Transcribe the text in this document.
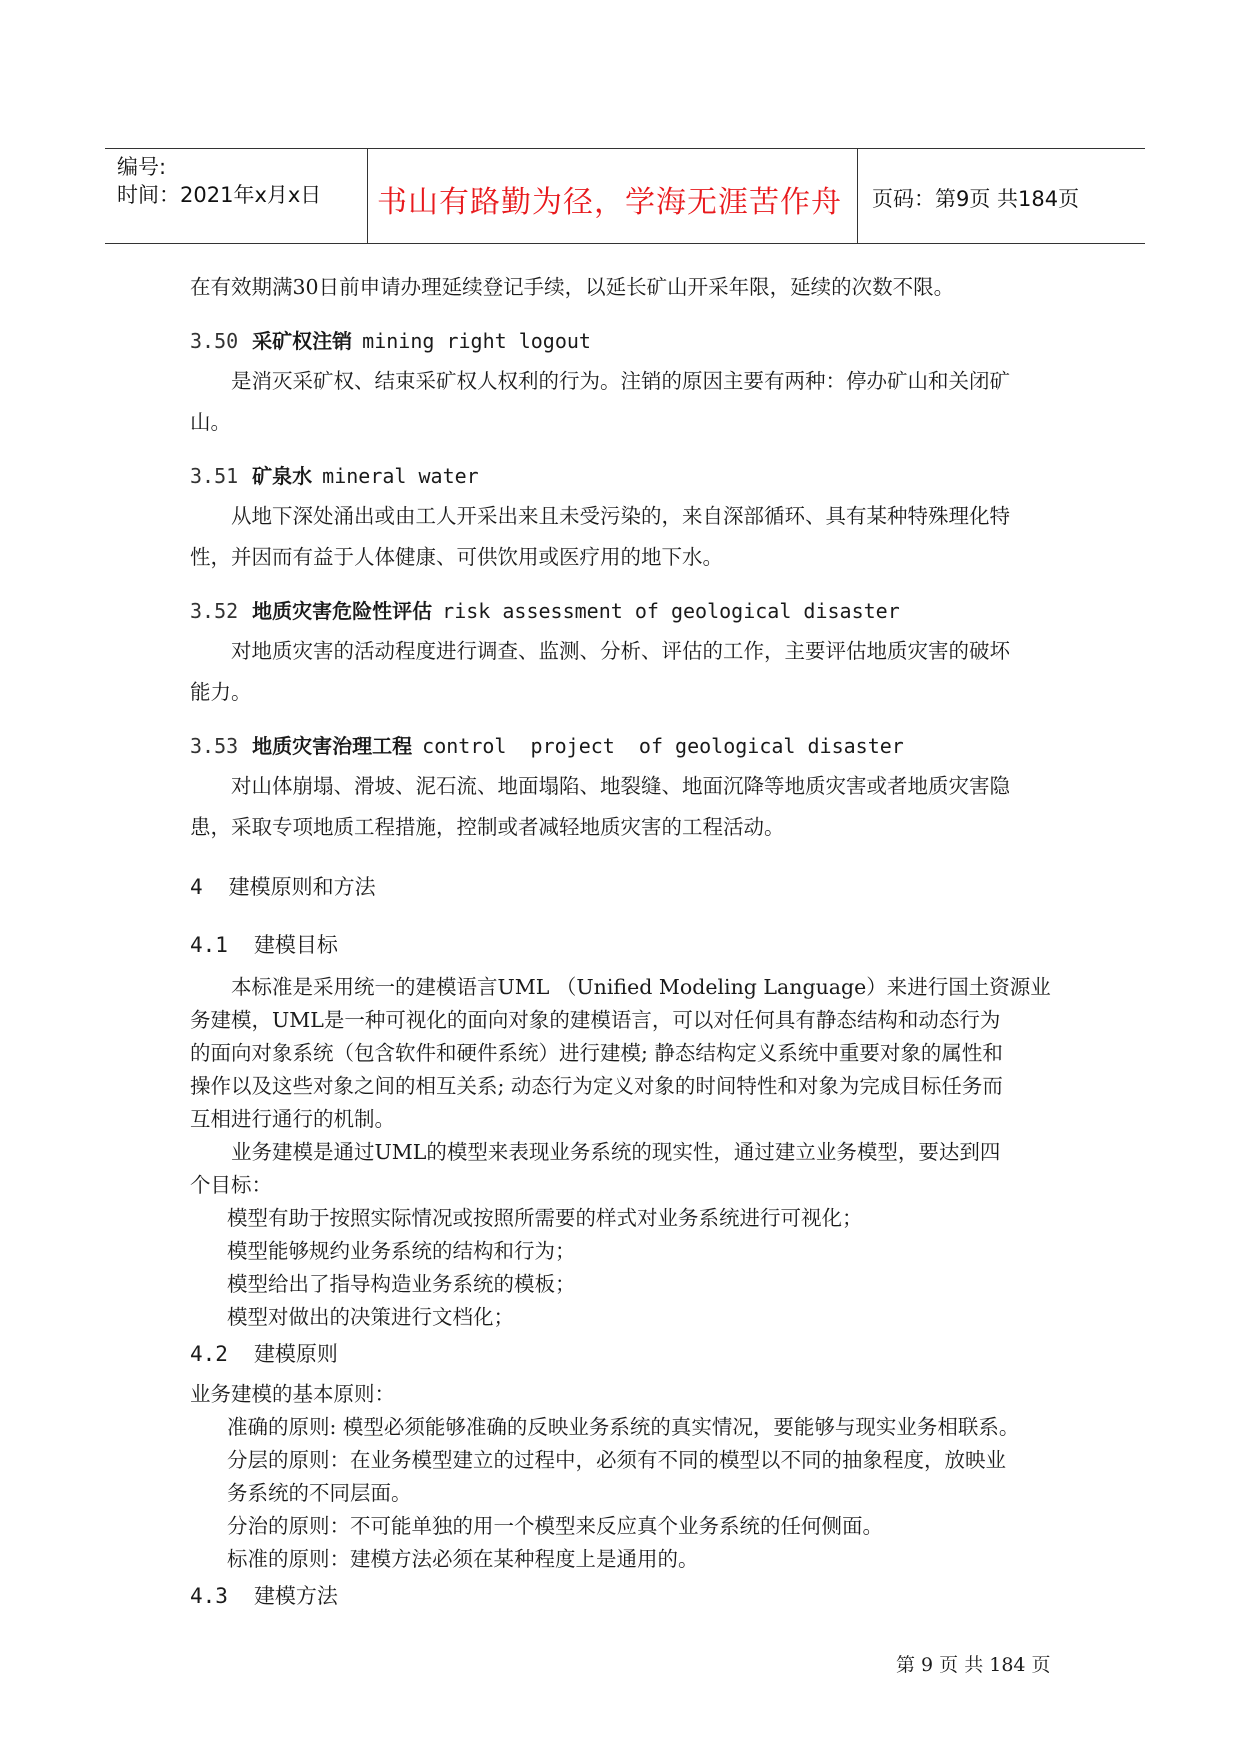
编号:
时间：2021年x月x日	书山有路勤为径，学海无涯苦作舟	页码：第9页 共184页
在有效期满30日前申请办理延续登记手续，以延长矿山开采年限，延续的次数不限。
3.50 采矿权注销 mining right logout
是消灭采矿权、结束采矿权人权利的行为。注销的原因主要有两种：停办矿山和关闭矿
山。
3.51 矿泉水 mineral water
从地下深处涌出或由工人开采出来且未受污染的，来自深部循环、具有某种特殊理化特
性，并因而有益于人体健康、可供饮用或医疗用的地下水。
3.52 地质灾害危险性评估 risk assessment of geological disaster
对地质灾害的活动程度进行调查、监测、分析、评估的工作，主要评估地质灾害的破坏
能力。
3.53 地质灾害治理工程 control  project  of geological disaster
对山体崩塌、滑坡、泥石流、地面塌陷、地裂缝、地面沉降等地质灾害或者地质灾害隐
患，采取专项地质工程措施，控制或者减轻地质灾害的工程活动。
4 建模原则和方法
4.1 建模目标
本标准是采用统一的建模语言UML （Unified Modeling Language）来进行国土资源业
务建模，UML是一种可视化的面向对象的建模语言，可以对任何具有静态结构和动态行为
的面向对象系统（包含软件和硬件系统）进行建模; 静态结构定义系统中重要对象的属性和
操作以及这些对象之间的相互关系; 动态行为定义对象的时间特性和对象为完成目标任务而
互相进行通行的机制。
业务建模是通过UML的模型来表现业务系统的现实性，通过建立业务模型，要达到四
个目标：
模型有助于按照实际情况或按照所需要的样式对业务系统进行可视化；
模型能够规约业务系统的结构和行为；
模型给出了指导构造业务系统的模板；
模型对做出的决策进行文档化；
4.2 建模原则
业务建模的基本原则：
准确的原则: 模型必须能够准确的反映业务系统的真实情况，要能够与现实业务相联系。
分层的原则：在业务模型建立的过程中，必须有不同的模型以不同的抽象程度，放映业
务系统的不同层面。
分治的原则：不可能单独的用一个模型来反应真个业务系统的任何侧面。
标准的原则：建模方法必须在某种程度上是通用的。
4.3 建模方法
第 9 页 共 184 页
